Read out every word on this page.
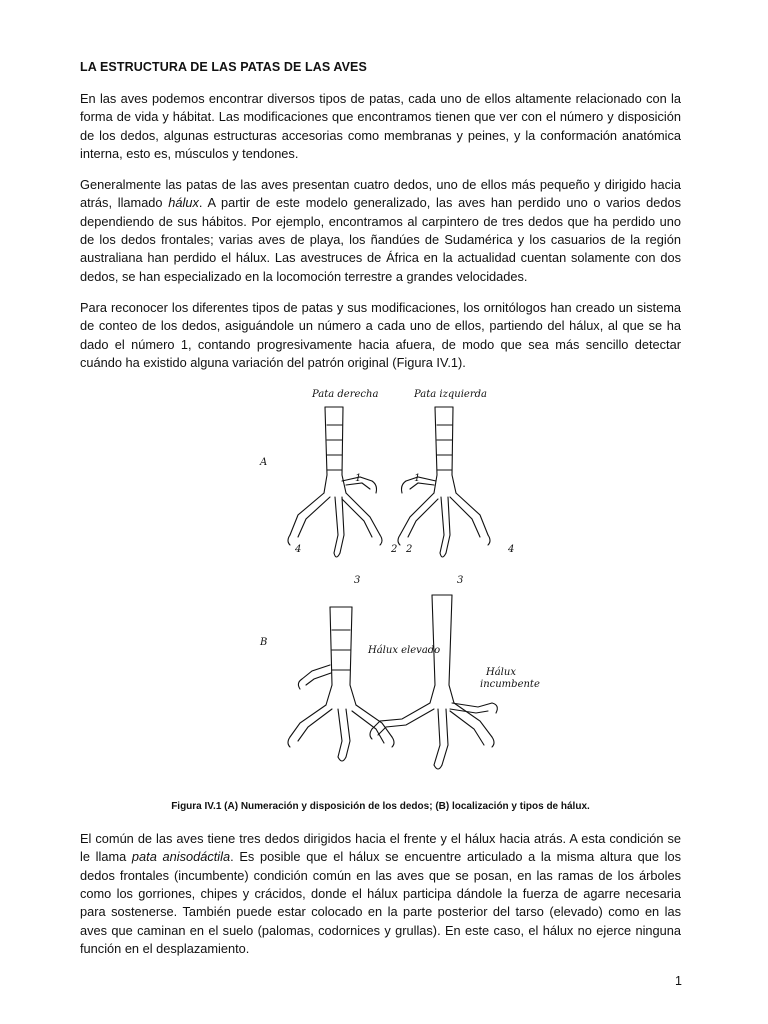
LA ESTRUCTURA DE LAS PATAS DE LAS AVES

En las aves podemos encontrar diversos tipos de patas, cada uno de ellos altamente relacionado con la forma de vida y hábitat. Las modificaciones que encontramos tienen que ver con el número y disposición de los dedos, algunas estructuras accesorias como membranas y peines, y la conformación anatómica interna, esto es, músculos y tendones.

Generalmente las patas de las aves presentan cuatro dedos, uno de ellos más pequeño y dirigido hacia atrás, llamado hálux. A partir de este modelo generalizado, las aves han perdido uno o varios dedos dependiendo de sus hábitos. Por ejemplo, encontramos al carpintero de tres dedos que ha perdido uno de los dedos frontales; varias aves de playa, los ñandúes de Sudamérica y los casuarios de la región australiana han perdido el hálux. Las avestruces de África en la actualidad cuentan solamente con dos dedos, se han especializado en la locomoción terrestre a grandes velocidades.

Para reconocer los diferentes tipos de patas y sus modificaciones, los ornitólogos han creado un sistema de conteo de los dedos, asiguándole un número a cada uno de ellos, partiendo del hálux, al que se ha dado el número 1, contando progresivamente hacia afuera, de modo que sea más sencillo detectar cuándo ha existido alguna variación del patrón original (Figura IV.1).

Pata derecha	Pata izquierda
A
B
1	1
4	2 2	4
3	3
Hálux elevado
Hálux
incumbente
Figura IV.1 (A) Numeración y disposición de los dedos; (B) localización y tipos de hálux.

El común de las aves tiene tres dedos dirigidos hacia el frente y el hálux hacia atrás. A esta condición se le llama pata anisodáctila. Es posible que el hálux se encuentre articulado a la misma altura que los dedos frontales (incumbente) condición común en las aves que se posan, en las ramas de los árboles como los gorriones, chipes y crácidos, donde el hálux participa dándole la fuerza de agarre necesaria para sostenerse. También puede estar colocado en la parte posterior del tarso (elevado) como en las aves que caminan en el suelo (palomas, codornices y grullas). En este caso, el hálux no ejerce ninguna función en el desplazamiento.

1
